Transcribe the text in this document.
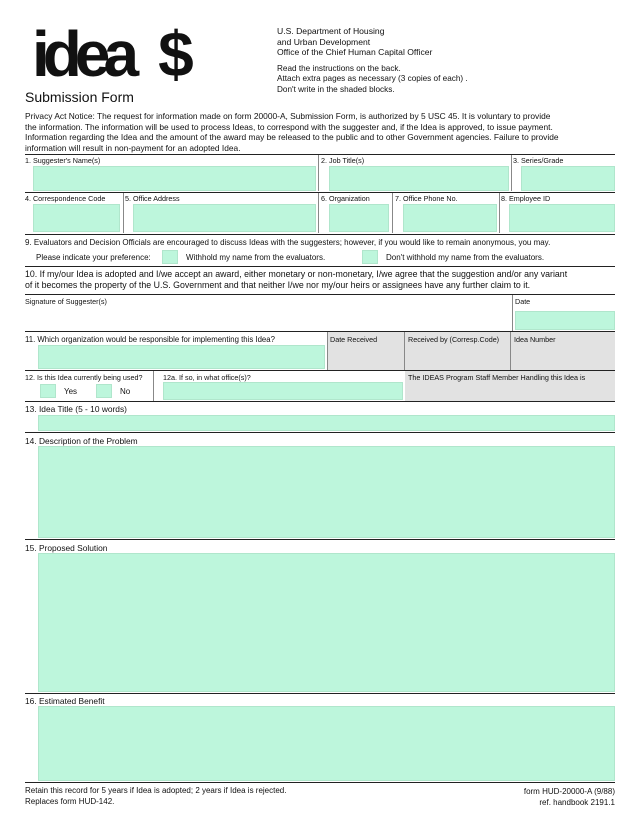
idea $
Submission Form
U.S. Department of Housing
and Urban Development
Office of the Chief Human Capital Officer
Read the instructions on the back.
Attach extra pages as necessary (3 copies of each) .
Don't write in the shaded blocks.
Privacy Act Notice: The request for information made on form 20000-A, Submission Form, is authorized by 5 USC 45. It is voluntary to provide
the information. The information will be used to process Ideas, to correspond with the suggester and, if the Idea is approved, to issue payment.
Information regarding the Idea and the amount of the award may be released to the public and to other Government agencies. Failure to provide
information will result in non-payment for an adopted Idea.
1. Suggester's Name(s)	2. Job Title(s)	3. Series/Grade
4. Correspondence Code	5. Office Address	6. Organization	7. Office Phone No.	8. Employee ID
9. Evaluators and Decision Officials are encouraged to discuss Ideas with the suggesters; however, if you would like to remain anonymous, you may.
Please indicate your preference:	Withhold my name from the evaluators.	Don't withhold my name from the evaluators.
10. If my/our Idea is adopted and I/we accept an award, either monetary or non-monetary, I/we agree that the suggestion and/or any variant
of it becomes the property of the U.S. Government and that neither I/we nor my/our heirs or assignees have any further claim to it.
Signature of Suggester(s)	Date
11. Which organization would be responsible for implementing this Idea?	Date Received	Received by (Corresp.Code) Idea Number
12. Is this Idea currently being used?
Yes	No
12a. If so, in what office(s)?	The IDEAS Program Staff Member Handling this Idea is
13. Idea Title (5 - 10 words)
14. Description of the Problem
15. Proposed Solution
16. Estimated Benefit
Retain this record for 5 years if Idea is adopted; 2 years if Idea is rejected.
Replaces form HUD-142.
form HUD-20000-A (9/88)
ref. handbook 2191.1
